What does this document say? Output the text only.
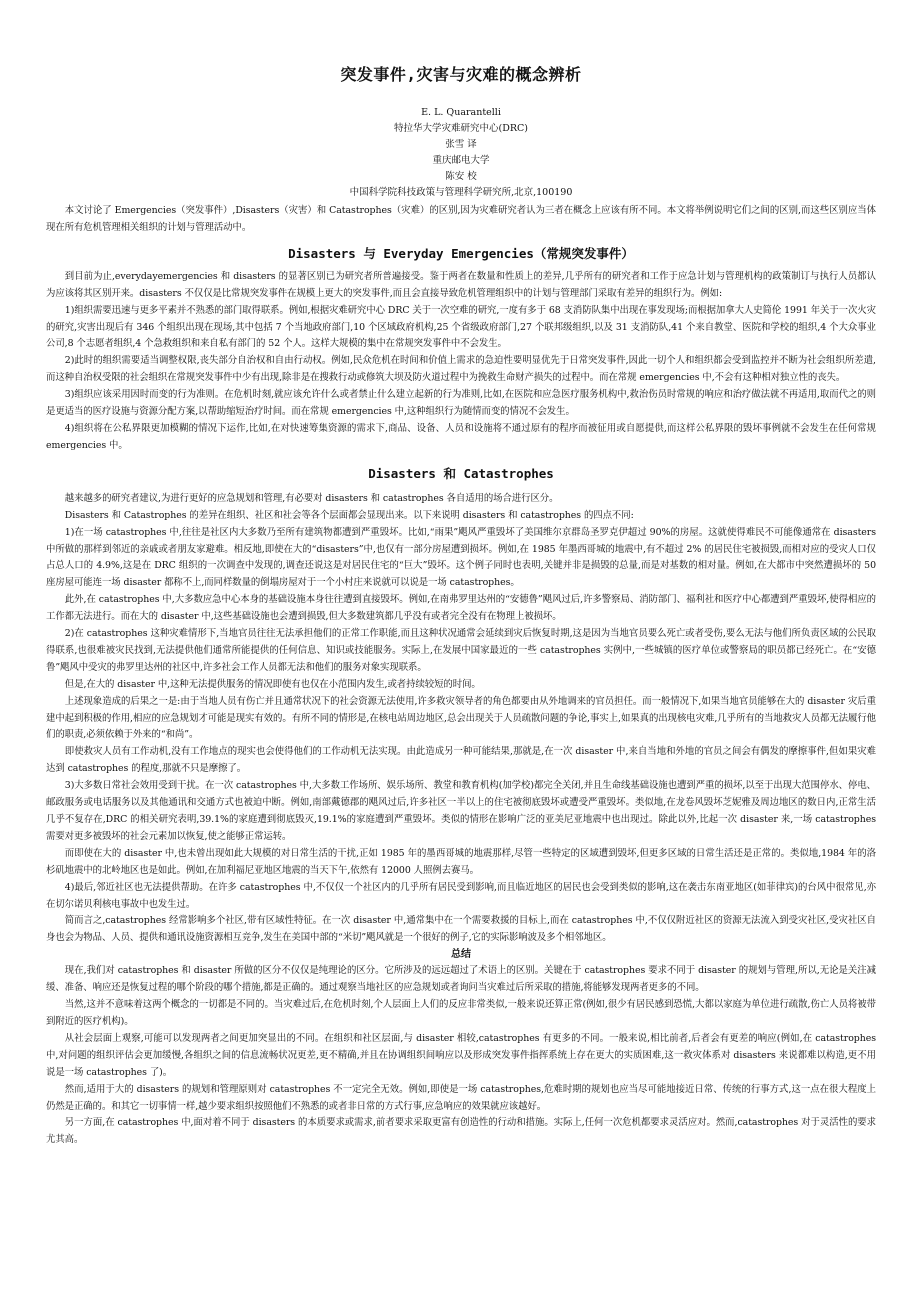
突发事件,灾害与灾难的概念辨析
E. L. Quarantelli
特拉华大学灾难研究中心(DRC)
张雪 译
重庆邮电大学
陈安 校
中国科学院科技政策与管理科学研究所,北京,100190

本文讨论了 Emergencies（突发事件）,Disasters（灾害）和 Catastrophes（灾难）的区别,因为灾难研究者认为三者在概念上应该有所不同。本文将举例说明它们之间的区别,而这些区别应当体现在所有危机管理相关组织的计划与管理活动中。

Disasters 与 Everyday Emergencies（常规突发事件）

到目前为止,everydayemergencies 和 disasters 的显著区别已为研究者所普遍接受。鉴于两者在数量和性质上的差异,几乎所有的研究者和工作于应急计划与管理机构的政策制订与执行人员都认为应该将其区别开来。disasters 不仅仅是比常规突发事件在规模上更大的突发事件,而且会直接导致危机管理组织中的计划与管理部门采取有差异的组织行为。例如:

1)组织需要迅速与更多平素并不熟悉的部门取得联系。例如,根据灾难研究中心 DRC 关于一次空难的研究,一度有多于 68 支消防队集中出现在事发现场;而根据加拿大人史简伦 1991 年关于一次火灾的研究,灾害出现后有 346 个组织出现在现场,其中包括 7 个当地政府部门,10 个区域政府机构,25 个省级政府部门,27 个联邦级组织,以及 31 支消防队,41 个来自教堂、医院和学校的组织,4 个大众事业公司,8 个志愿者组织,4 个急救组织和来自私有部门的 52 个人。这样大规模的集中在常规突发事件中不会发生。

2)此时的组织需要适当调整权限,丧失部分自治权和自由行动权。例如,民众危机在时间和价值上需求的急迫性要明显优先于日常突发事件,因此一切个人和组织都会受到监控并不断为社会组织所差遣,而这种自治权受限的社会组织在常规突发事件中少有出现,除非是在搜救行动或修筑大坝及防火道过程中为挽救生命财产损失的过程中。而在常规 emergencies 中,不会有这种相对独立性的丧失。

3)组织应该采用因时而变的行为准则。在危机时刻,就应该允许什么或者禁止什么建立起新的行为准则,比如,在医院和应急医疗服务机构中,救治伤员时常规的响应和治疗做法就不再适用,取而代之的则是更适当的医疗设施与资源分配方案,以帮助缩短治疗时间。而在常规 emergencies 中,这种组织行为随情而变的情况不会发生。

4)组织将在公私界限更加模糊的情况下运作,比如,在对快速筹集资源的需求下,商品、设备、人员和设施将不通过原有的程序而被征用或自愿提供,而这样公私界限的毁坏事例就不会发生在任何常规 emergencies 中。

Disasters 和 Catastrophes

越来越多的研究者建议,为进行更好的应急规划和管理,有必要对 disasters 和 catastrophes 各自适用的场合进行区分。

Disasters 和 Catastrophes 的差异在组织、社区和社会等各个层面都会显现出来。以下来说明 disasters 和 catastrophes 的四点不同:

1)在一场 catastrophes 中,往往是社区内大多数乃至所有建筑物都遭到严重毁坏。比如,“雨果”飓风严重毁坏了美国维尔京群岛圣罗克伊超过 90%的房屋。这就使得难民不可能像通常在 disasters 中所做的那样到邻近的亲戚或者朋友家避难。相反地,即使在大的“disasters”中,也仅有一部分房屋遭到损坏。例如,在 1985 年墨西哥城的地震中,有不超过 2% 的居民住宅被损毁,而相对应的受灾人口仅占总人口的 4.9%,这是在 DRC 组织的一次调查中发现的,调查还说这是对居民住宅的“巨大”毁坏。这个例子同时也表明,关键并非是损毁的总量,而是对基数的相对量。例如,在大都市中突然遭损坏的 50 座房屋可能连一场 disaster 都称不上,而同样数量的倒塌房屋对于一个小村庄来说就可以说是一场 catastrophes。

此外,在 catastrophes 中,大多数应急中心本身的基础设施本身往往遭到直接毁坏。例如,在南弗罗里达州的“安德鲁”飓风过后,许多警察局、消防部门、福利社和医疗中心都遭到严重毁坏,使得相应的工作都无法进行。而在大的 disaster 中,这些基础设施也会遭到损毁,但大多数建筑都几乎没有或者完全没有在物理上被损坏。

2)在 catastrophes 这种灾难情形下,当地官员往往无法承担他们的正常工作职能,而且这种状况通常会延续到灾后恢复时期,这是因为当地官员要么死亡或者受伤,要么无法与他们所负责区域的公民取得联系,也很难被灾民找到,无法提供他们通常所能提供的任何信息、知识或技能服务。实际上,在发展中国家最近的一些 catastrophes 实例中,一些城镇的医疗单位或警察局的职员都已经死亡。在“安德鲁”飓风中受灾的弗罗里达州的社区中,许多社会工作人员都无法和他们的服务对象实现联系。

但是,在大的 disaster 中,这种无法提供服务的情况即使有也仅在小范围内发生,或者持续较短的时间。

上述现象造成的后果之一是:由于当地人员有伤亡并且通常状况下的社会资源无法使用,许多救灾领导者的角色都要由从外地调来的官员担任。而一般情况下,如果当地官员能够在大的 disaster 灾后重建中起到积极的作用,相应的应急规划才可能是现实有效的。有所不同的情形是,在核电站周边地区,总会出现关于人员疏散问题的争论,事实上,如果真的出现核电灾难,几乎所有的当地救灾人员都无法履行他们的职责,必须依赖于外来的“和尚”。

即使救灾人员有工作动机,没有工作地点的现实也会使得他们的工作动机无法实现。由此造成另一种可能结果,那就是,在一次 disaster 中,来自当地和外地的官员之间会有偶发的摩擦事件,但如果灾难达到 catastrophes 的程度,那就不只是摩擦了。

3)大多数日常社会效用受到干扰。在一次 catastrophes 中,大多数工作场所、娱乐场所、教堂和教育机构(加学校)都完全关闭,并且生命线基础设施也遭到严重的损坏,以至于出现大范围停水、停电、邮政服务或电话服务以及其他通讯和交通方式也被迫中断。例如,南部戴德郡的飓风过后,许多社区一半以上的住宅被彻底毁坏或遭受严重毁坏。类似地,在龙卷风毁坏芝妮雅及周边地区的数日内,正常生活几乎不复存在,DRC 的相关研究表明,39.1%的家庭遭到彻底毁灭,19.1%的家庭遭到严重毁坏。类似的情形在影响广泛的亚美尼亚地震中也出现过。除此以外,比起一次 disaster 来,一场 catastrophes 需要对更多被毁坏的社会元素加以恢复,使之能够正常运转。

而即使在大的 disaster 中,也未曾出现如此大规模的对日常生活的干扰,正如 1985 年的墨西哥城的地震那样,尽管一些特定的区域遭到毁坏,但更多区域的日常生活还是正常的。类似地,1984 年的洛杉矶地震中的北岭地区也是如此。例如,在加利福尼亚地区地震的当天下午,依然有 12000 人照例去赛马。

4)最后,邻近社区也无法提供帮助。在许多 catastrophes 中,不仅仅一个社区内的几乎所有居民受到影响,而且临近地区的居民也会受到类似的影响,这在袭击东南亚地区(如菲律宾)的台风中很常见,亦在切尔诺贝利核电事故中也发生过。

简而言之,catastrophes 经常影响多个社区,带有区域性特征。在一次 disaster 中,通常集中在一个需要救援的目标上,而在 catastrophes 中,不仅仅附近社区的资源无法流入到受灾社区,受灾社区自身也会为物品、人员、提供和通讯设施资源相互竞争,发生在美国中部的“米切”飓风就是一个很好的例子,它的实际影响波及多个相邻地区。

总结

现在,我们对 catastrophes 和 disaster 所做的区分不仅仅是纯理论的区分。它所涉及的远远超过了术语上的区别。关键在于 catastrophes 要求不同于 disaster 的规划与管理,所以,无论是关注减缓、准备、响应还是恢复过程的哪个阶段的哪个措施,都是正确的。通过观察当地社区的应急规划或者询问当灾难过后所采取的措施,将能够发现两者更多的不同。

当然,这并不意味着这两个概念的一切都是不同的。当灾难过后,在危机时刻,个人层面上人们的反应非常类似,一般来说还算正常(例如,很少有居民感到恐慌,大都以家庭为单位进行疏散,伤亡人员将被带到附近的医疗机构)。

从社会层面上观察,可能可以发现两者之间更加突显出的不同。在组织和社区层面,与 disaster 相较,catastrophes 有更多的不同。一般来说,相比前者,后者会有更差的响应(例如,在 catastrophes 中,对问题的组织评估会更加缓慢,各组织之间的信息流畅状况更差,更不精确,并且在协调组织间响应以及形成突发事件指挥系统上存在更大的实质困难,这一救灾体系对 disasters 来说都难以构造,更不用说是一场 catastrophes 了)。

然而,适用于大的 disasters 的规划和管理原则对 catastrophes 不一定完全无效。例如,即使是一场 catastrophes,危难时期的规划也应当尽可能地接近日常、传统的行事方式,这一点在很大程度上仍然是正确的。和其它一切事情一样,越少要求组织按照他们不熟悉的或者非日常的方式行事,应急响应的效果就应该越好。

另一方面,在 catastrophes 中,面对着不同于 disasters 的本质要求或需求,前者要求采取更富有创造性的行动和措施。实际上,任何一次危机都要求灵活应对。然而,catastrophes 对于灵活性的要求尤其高。
